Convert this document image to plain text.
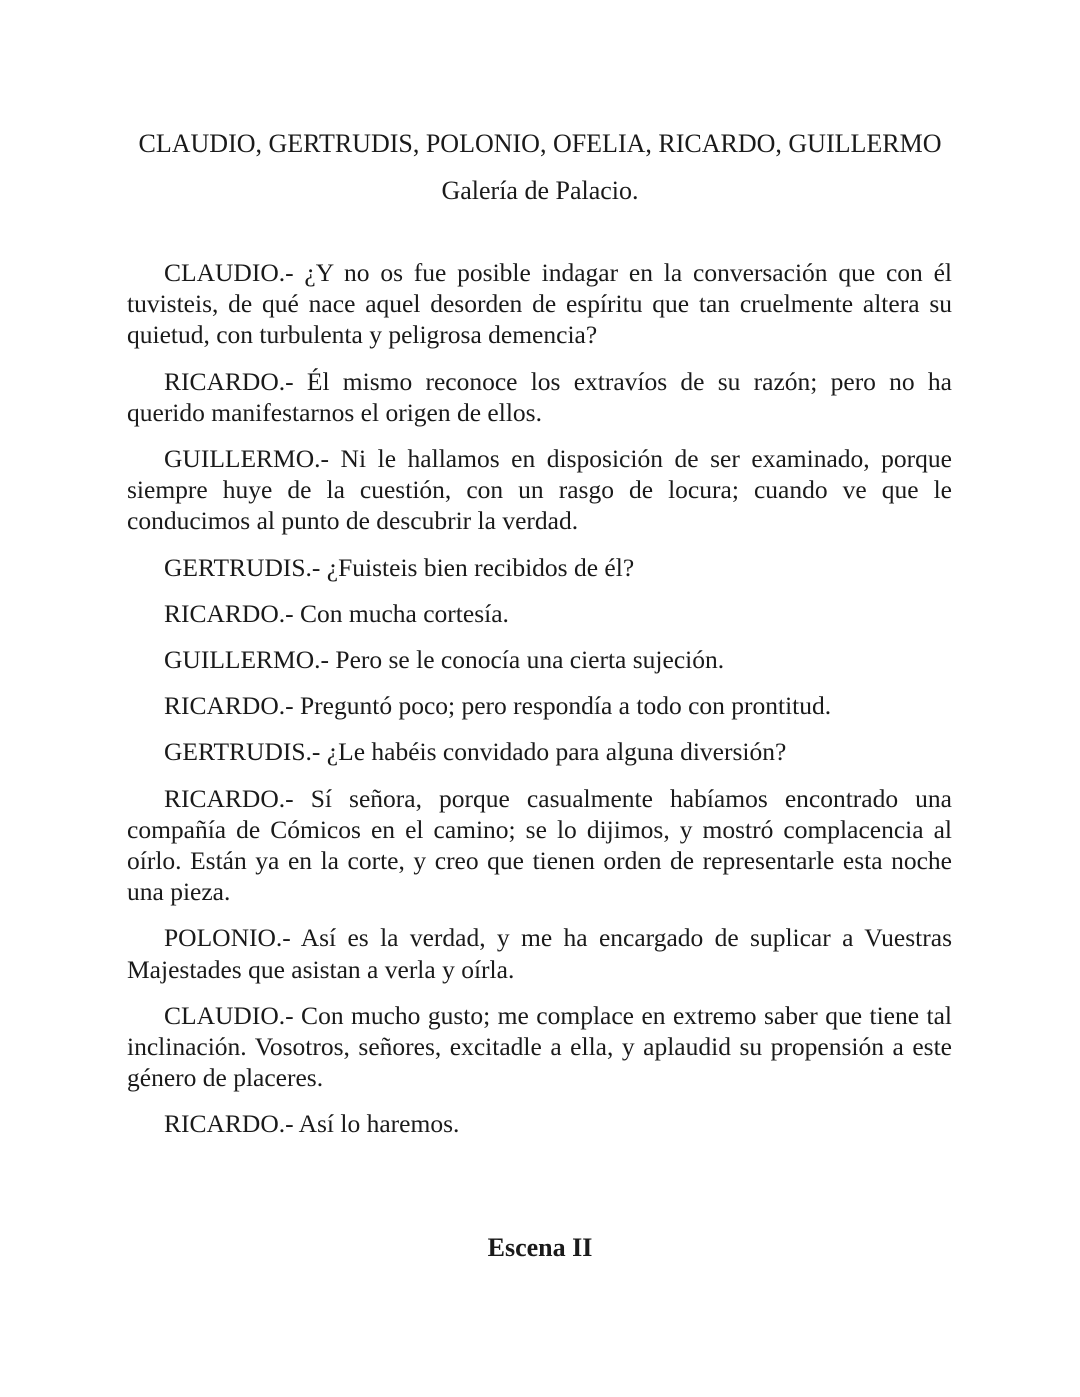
CLAUDIO, GERTRUDIS, POLONIO, OFELIA, RICARDO, GUILLERMO

Galería de Palacio.

CLAUDIO.- ¿Y no os fue posible indagar en la conversación que con él tuvisteis, de qué nace aquel desorden de espíritu que tan cruelmente altera su quietud, con turbulenta y peligrosa demencia?

RICARDO.- Él mismo reconoce los extravíos de su razón; pero no ha querido manifestarnos el origen de ellos.

GUILLERMO.- Ni le hallamos en disposición de ser examinado, porque siempre huye de la cuestión, con un rasgo de locura; cuando ve que le conducimos al punto de descubrir la verdad.

GERTRUDIS.- ¿Fuisteis bien recibidos de él?

RICARDO.- Con mucha cortesía.

GUILLERMO.- Pero se le conocía una cierta sujeción.

RICARDO.- Preguntó poco; pero respondía a todo con prontitud.

GERTRUDIS.- ¿Le habéis convidado para alguna diversión?

RICARDO.- Sí señora, porque casualmente habíamos encontrado una compañía de Cómicos en el camino; se lo dijimos, y mostró complacencia al oírlo. Están ya en la corte, y creo que tienen orden de representarle esta noche una pieza.

POLONIO.- Así es la verdad, y me ha encargado de suplicar a Vuestras Majestades que asistan a verla y oírla.

CLAUDIO.- Con mucho gusto; me complace en extremo saber que tiene tal inclinación. Vosotros, señores, excitadle a ella, y aplaudid su propensión a este género de placeres.

RICARDO.- Así lo haremos.

Escena II
